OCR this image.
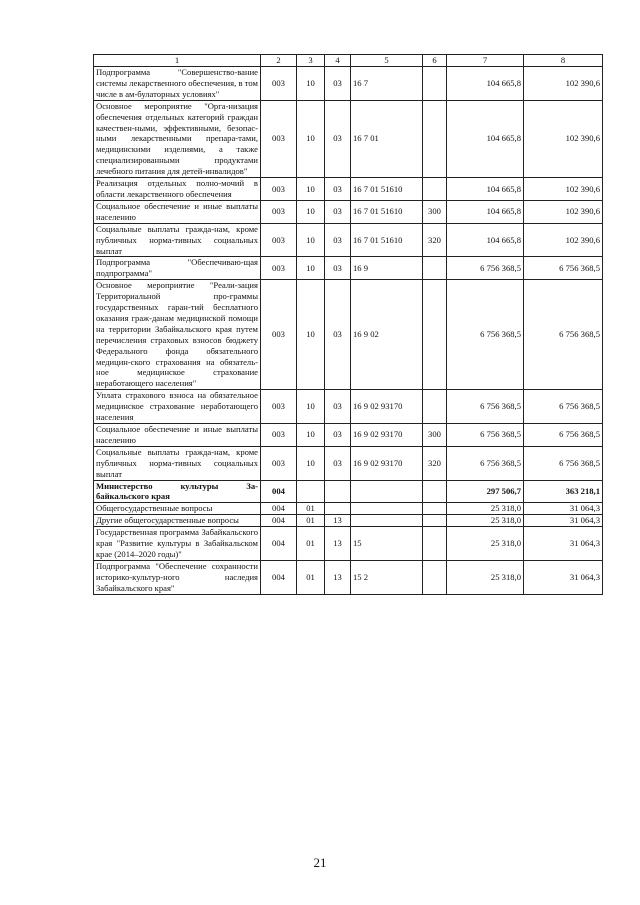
1	2	3	4	5	6	7	8
Подпрограмма "Совершенство-вание системы лекарственного обеспечения, в том числе в ам-булаторных условиях"	003	10	03	16 7		104 665,8	102 390,6
Основное мероприятие "Орга-низация обеспечения отдельных категорий граждан качествен-ными, эффективными, безопас-ными лекарственными препара-тами, медицинскими изделиями, а также специализированными продуктами лечебного питания для детей-инвалидов"	003	10	03	16 7 01		104 665,8	102 390,6
Реализация отдельных полно-мочий в области лекарственного обеспечения	003	10	03	16 7 01 51610		104 665,8	102 390,6
Социальное обеспечение и иные выплаты населению	003	10	03	16 7 01 51610	300	104 665,8	102 390,6
Социальные выплаты гражда-нам, кроме публичных норма-тивных социальных выплат	003	10	03	16 7 01 51610	320	104 665,8	102 390,6
Подпрограмма "Обеспечиваю-щая подпрограмма"	003	10	03	16 9		6 756 368,5	6 756 368,5
Основное мероприятие "Реали-зация Территориальной про-граммы государственных гаран-тий бесплатного оказания граж-данам медицинской помощи на территории Забайкальского края путем перечисления страховых взносов бюджету Федерального фонда обязательного медицин-ского страхования на обязатель-ное медицинское страхование неработающего населения"	003	10	03	16 9 02		6 756 368,5	6 756 368,5
Уплата страхового взноса на обязательное медицинское страхование неработающего населения	003	10	03	16 9 02 93170		6 756 368,5	6 756 368,5
Социальное обеспечение и иные выплаты населению	003	10	03	16 9 02 93170	300	6 756 368,5	6 756 368,5
Социальные выплаты гражда-нам, кроме публичных норма-тивных социальных выплат	003	10	03	16 9 02 93170	320	6 756 368,5	6 756 368,5
Министерство культуры За-байкальского края	004					297 506,7	363 218,1
Общегосударственные вопросы	004	01				25 318,0	31 064,3
Другие общегосударственные вопросы	004	01	13			25 318,0	31 064,3
Государственная программа Забайкальского края "Развитие культуры в Забайкальском крае (2014–2020 годы)"	004	01	13	15		25 318,0	31 064,3
Подпрограмма "Обеспечение сохранности историко-культур-ного наследия Забайкальского края"	004	01	13	15 2		25 318,0	31 064,3
21
